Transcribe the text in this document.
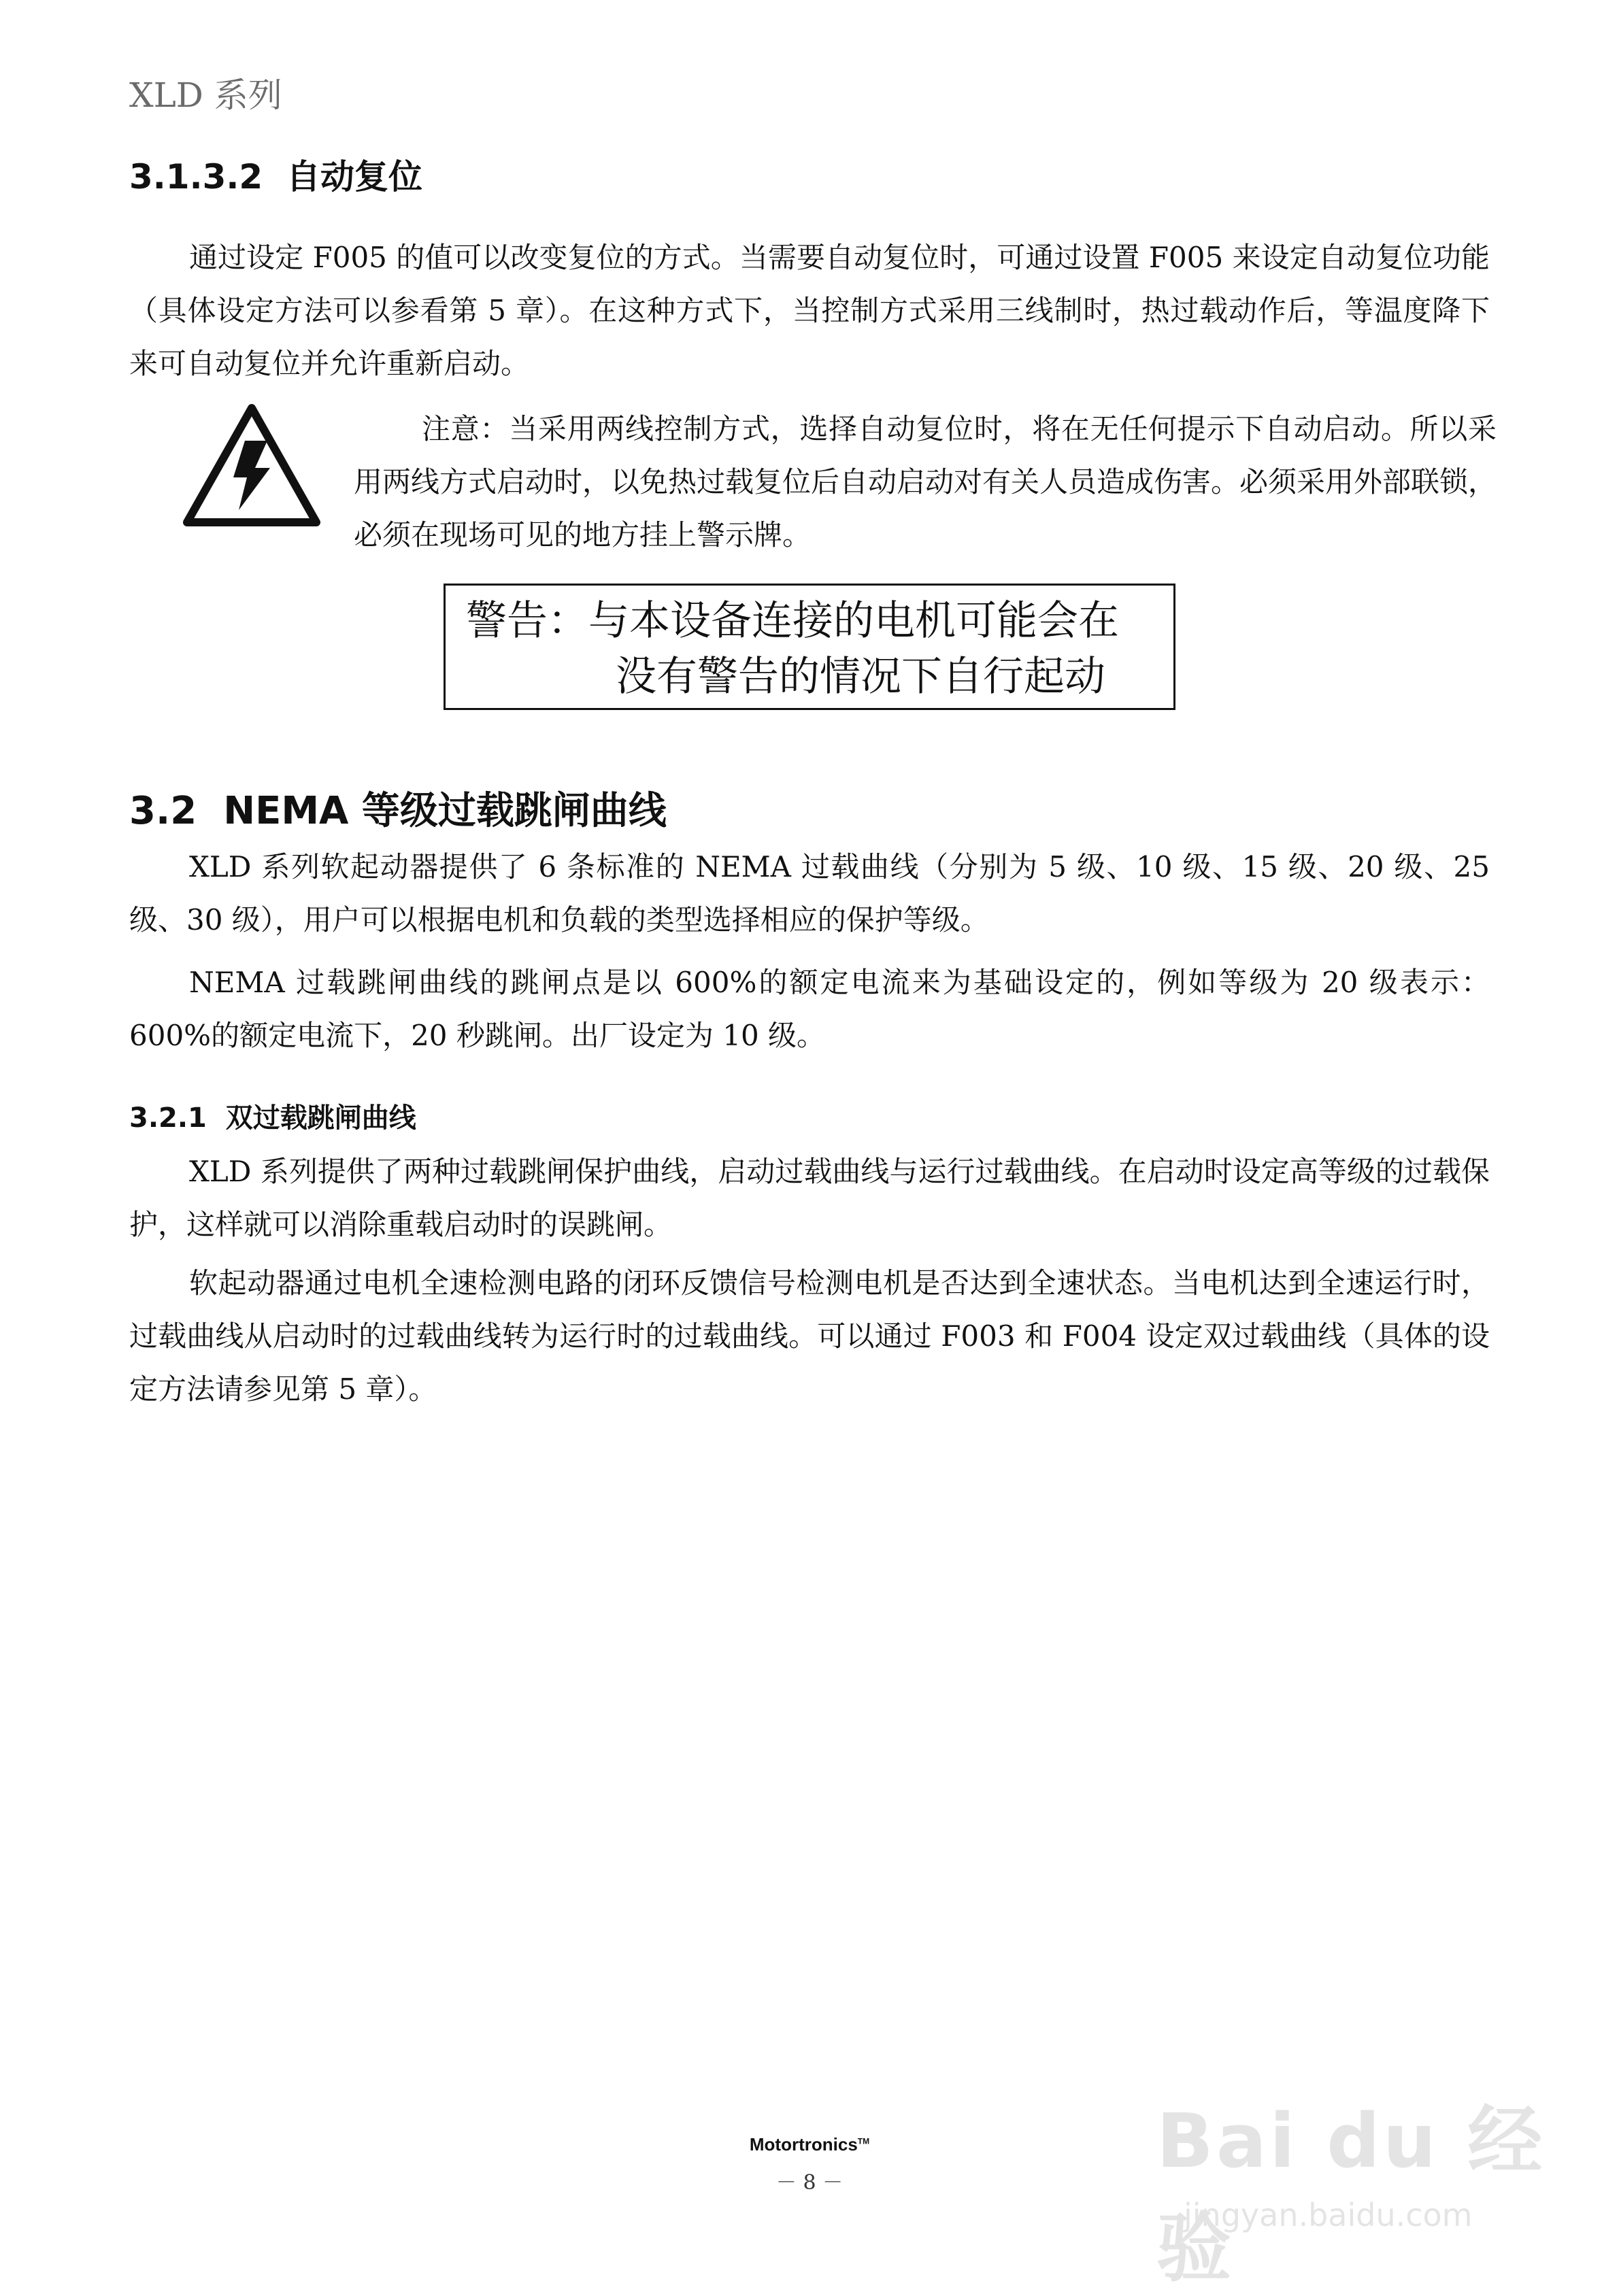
XLD 系列
3.1.3.2 自动复位

通过设定 F005 的值可以改变复位的方式。当需要自动复位时，可通过设置 F005 来设定自动复位功能（具体设定方法可以参看第 5 章）。在这种方式下，当控制方式采用三线制时，热过载动作后，等温度降下来可自动复位并允许重新启动。

注意：当采用两线控制方式，选择自动复位时，将在无任何提示下自动启动。所以采用两线方式启动时，以免热过载复位后自动启动对有关人员造成伤害。必须采用外部联锁，必须在现场可见的地方挂上警示牌。

警告：与本设备连接的电机可能会在
没有警告的情况下自行起动
3.2 NEMA 等级过载跳闸曲线

XLD 系列软起动器提供了 6 条标准的 NEMA 过载曲线（分别为 5 级、10 级、15 级、20 级、25 级、30 级），用户可以根据电机和负载的类型选择相应的保护等级。

NEMA 过载跳闸曲线的跳闸点是以 600%的额定电流来为基础设定的，例如等级为 20 级表示：600%的额定电流下，20 秒跳闸。出厂设定为 10 级。

3.2.1 双过载跳闸曲线

XLD 系列提供了两种过载跳闸保护曲线，启动过载曲线与运行过载曲线。在启动时设定高等级的过载保护，这样就可以消除重载启动时的误跳闸。

软起动器通过电机全速检测电路的闭环反馈信号检测电机是否达到全速状态。当电机达到全速运行时，过载曲线从启动时的过载曲线转为运行时的过载曲线。可以通过 F003 和 F004 设定双过载曲线（具体的设定方法请参见第 5 章）。

Motortronics™
－ 8 －	Bai du 经验
jingyan.baidu.com
